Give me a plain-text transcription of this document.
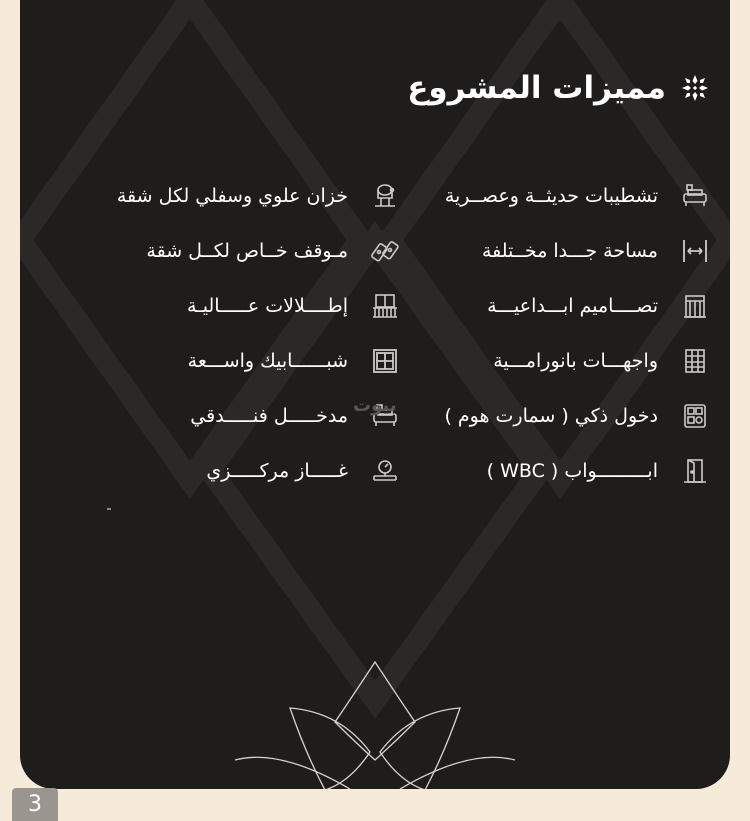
مميزات المشروع
تشطيبات حديثــة وعصــرية
خزان علوي وسفلي لكل شقة
مساحة جـــدا مخــتلفة
مـوقف خــاص لكــل شقة
تصــــاميم ابـــداعيـــة
إطــــلالات عـــــاليـة
واجهـــات بانورامـــية
شبــــــابيك واســـعة
دخول ذكي ( سمارت هوم )
مدخـــــل فنـــــدقي
ابـــــــــواب ( WBC )
غـــــاز مركـــــزي
بيوت
3
